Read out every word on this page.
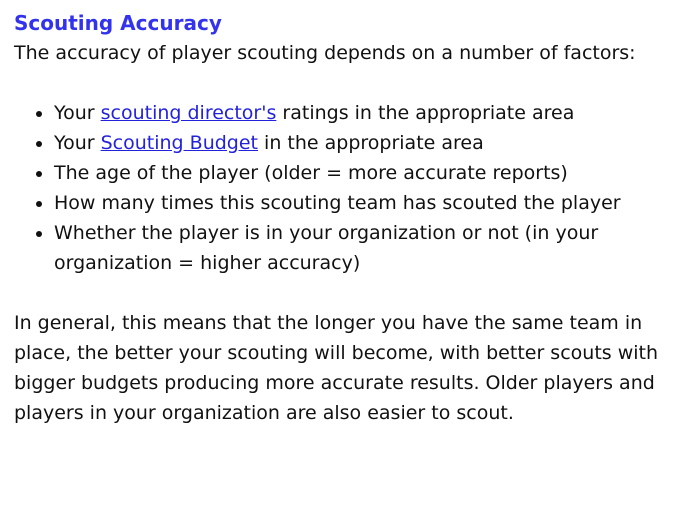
Scouting Accuracy

The accuracy of player scouting depends on a number of factors:

• Your scouting director's ratings in the appropriate area
• Your Scouting Budget in the appropriate area
• The age of the player (older = more accurate reports)
• How many times this scouting team has scouted the player
• Whether the player is in your organization or not (in your organization = higher accuracy)

In general, this means that the longer you have the same team in place, the better your scouting will become, with better scouts with bigger budgets producing more accurate results. Older players and players in your organization are also easier to scout.
